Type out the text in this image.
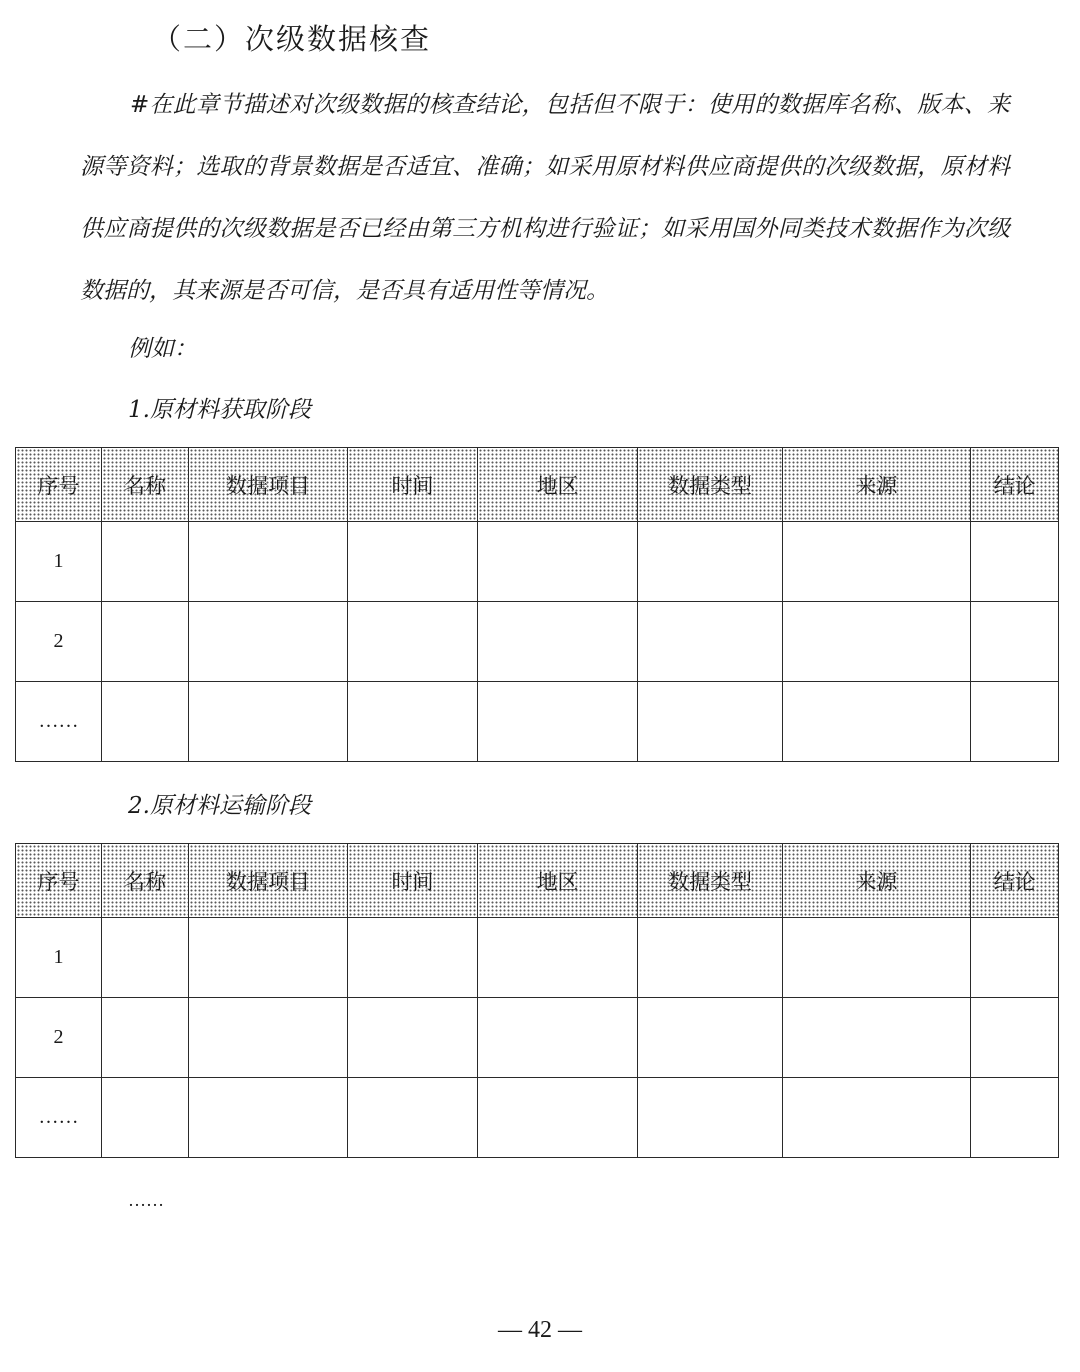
（二）次级数据核查

#在此章节描述对次级数据的核查结论，包括但不限于：使用的数据库名称、版本、来源等资料；选取的背景数据是否适宜、准确；如采用原材料供应商提供的次级数据，原材料供应商提供的次级数据是否已经由第三方机构进行验证；如采用国外同类技术数据作为次级数据的，其来源是否可信，是否具有适用性等情况。

例如：
1.原材料获取阶段
序号	名称	数据项目	时间	地区	数据类型	来源	结论
1							
2							
……							
2.原材料运输阶段
序号	名称	数据项目	时间	地区	数据类型	来源	结论
1							
2							
……							
……
— 42 —
